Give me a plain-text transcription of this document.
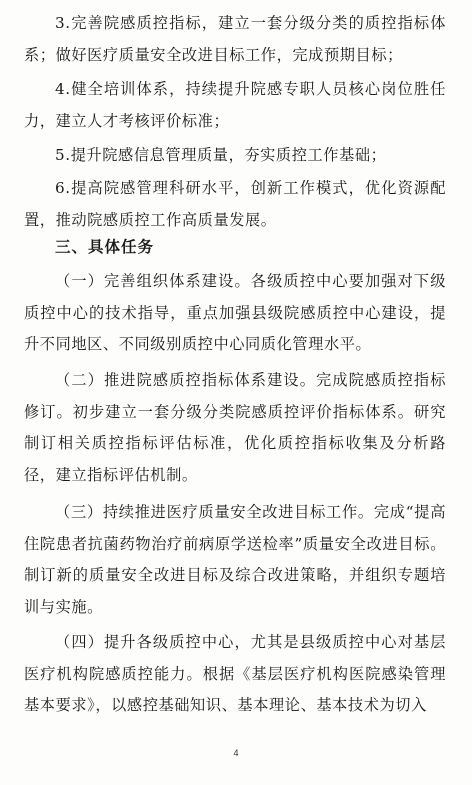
3.完善院感质控指标，建立一套分级分类的质控指标体系；做好医疗质量安全改进目标工作，完成预期目标；

4.健全培训体系，持续提升院感专职人员核心岗位胜任力，建立人才考核评价标准；

5.提升院感信息管理质量，夯实质控工作基础；

6.提高院感管理科研水平，创新工作模式，优化资源配置，推动院感质控工作高质量发展。

三、具体任务

（一）完善组织体系建设。各级质控中心要加强对下级质控中心的技术指导，重点加强县级院感质控中心建设，提升不同地区、不同级别质控中心同质化管理水平。

（二）推进院感质控指标体系建设。完成院感质控指标修订。初步建立一套分级分类院感质控评价指标体系。研究制订相关质控指标评估标准，优化质控指标收集及分析路径，建立指标评估机制。

（三）持续推进医疗质量安全改进目标工作。完成“提高住院患者抗菌药物治疗前病原学送检率”质量安全改进目标。制订新的质量安全改进目标及综合改进策略，并组织专题培训与实施。

（四）提升各级质控中心，尤其是县级质控中心对基层医疗机构院感质控能力。根据《基层医疗机构医院感染管理基本要求》，以感控基础知识、基本理论、基本技术为切入

4
